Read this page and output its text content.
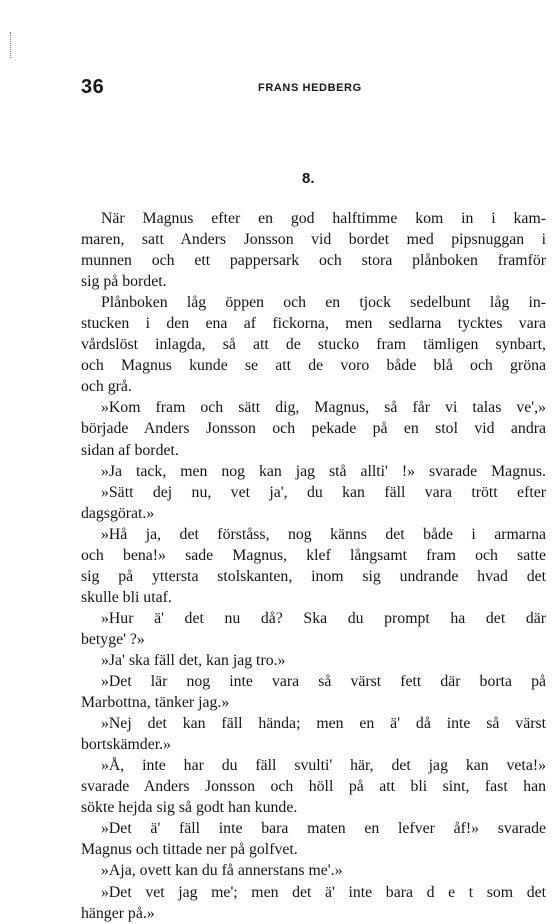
36	FRANS HEDBERG
8.
När Magnus efter en god halftimme kom in i kam-
maren, satt Anders Jonsson vid bordet med pipsnuggan i
munnen och ett pappersark och stora plånboken framför
sig på bordet.
Plånboken låg öppen och en tjock sedelbunt låg in-
stucken i den ena af fickorna, men sedlarna tycktes vara
vårdslöst inlagda, så att de stucko fram tämligen synbart,
och Magnus kunde se att de voro både blå och gröna
och grå.
»Kom fram och sätt dig, Magnus, så får vi talas ve',»
började Anders Jonsson och pekade på en stol vid andra
sidan af bordet.
»Ja tack, men nog kan jag stå allti' !» svarade Magnus.
»Sätt dej nu, vet ja', du kan fäll vara trött efter
dagsgörat.»
»Hå ja, det förståss, nog känns det både i armarna
och bena!» sade Magnus, klef långsamt fram och satte
sig på yttersta stolskanten, inom sig undrande hvad det
skulle bli utaf.
»Hur ä' det nu då? Ska du prompt ha det där
betyge' ?»
»Ja' ska fäll det, kan jag tro.»
»Det lär nog inte vara så värst fett där borta på
Marbottna, tänker jag.»
»Nej det kan fäll hända; men en ä' då inte så värst
bortskämder.»
»Å, inte har du fäll svulti' här, det jag kan veta!»
svarade Anders Jonsson och höll på att bli sint, fast han
sökte hejda sig så godt han kunde.
»Det ä' fäll inte bara maten en lefver åf!» svarade
Magnus och tittade ner på golfvet.
»Aja, ovett kan du få annerstans me'.»
»Det vet jag me'; men det ä' inte bara d e t som det
hänger på.»
